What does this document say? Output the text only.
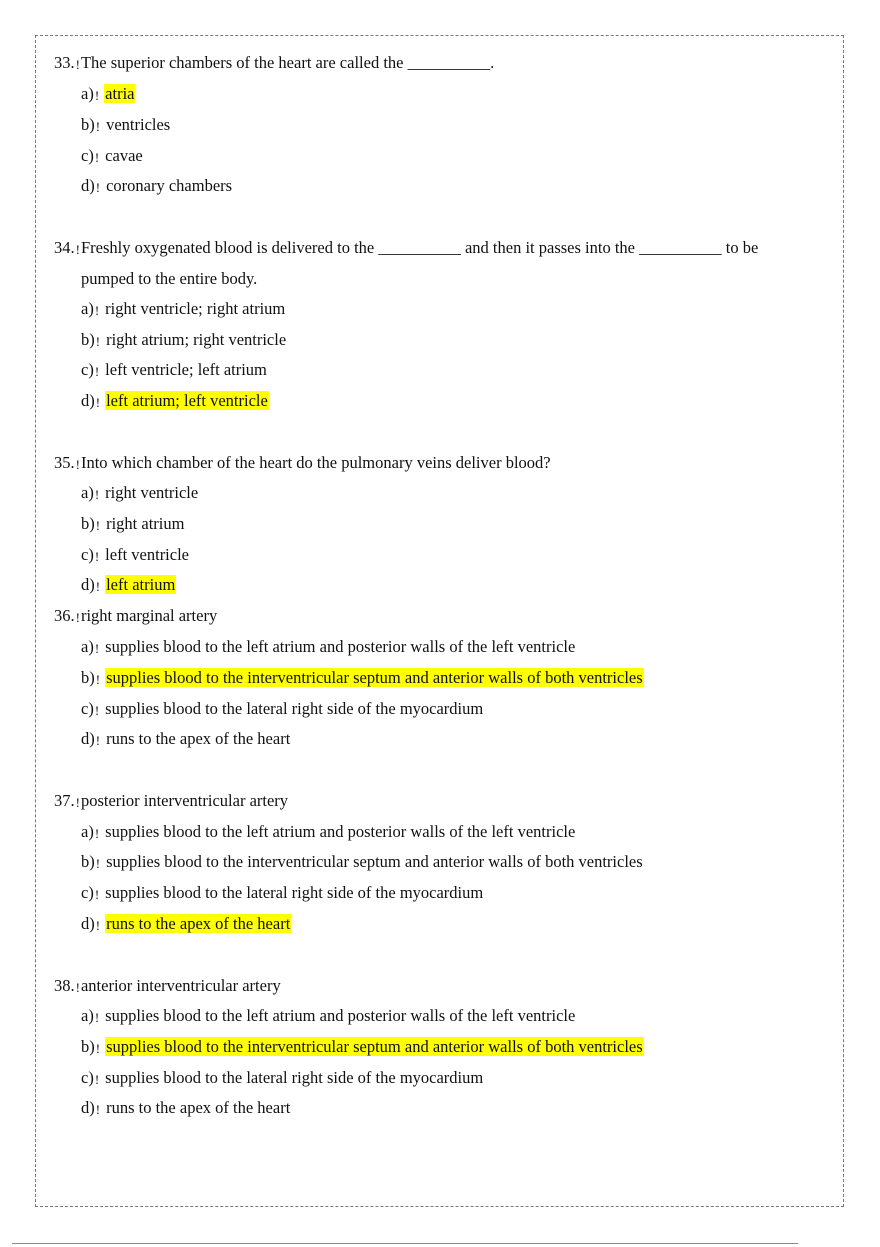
33.!The superior chambers of the heart are called the __________.
a)! atria
b)! ventricles
c)! cavae
d)! coronary chambers
34.!Freshly oxygenated blood is delivered to the __________ and then it passes into the __________ to be
pumped to the entire body.
a)! right ventricle; right atrium
b)! right atrium; right ventricle
c)! left ventricle; left atrium
d)! left atrium; left ventricle
35.!Into which chamber of the heart do the pulmonary veins deliver blood?
a)! right ventricle
b)! right atrium
c)! left ventricle
d)! left atrium
36.!right marginal artery
a)! supplies blood to the left atrium and posterior walls of the left ventricle
b)! supplies blood to the interventricular septum and anterior walls of both ventricles
c)! supplies blood to the lateral right side of the myocardium
d)! runs to the apex of the heart
37.!posterior interventricular artery
a)! supplies blood to the left atrium and posterior walls of the left ventricle
b)! supplies blood to the interventricular septum and anterior walls of both ventricles
c)! supplies blood to the lateral right side of the myocardium
d)! runs to the apex of the heart
38.!anterior interventricular artery
a)! supplies blood to the left atrium and posterior walls of the left ventricle
b)! supplies blood to the interventricular septum and anterior walls of both ventricles
c)! supplies blood to the lateral right side of the myocardium
d)! runs to the apex of the heart
